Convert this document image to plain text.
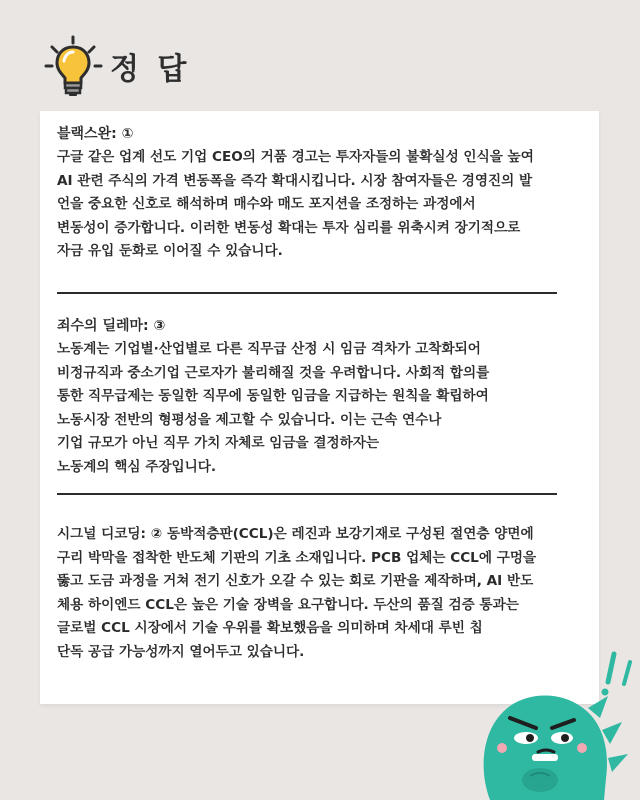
정 답

블랙스완: ①

구글 같은 업계 선도 기업 CEO의 거품 경고는 투자자들의 불확실성 인식을 높여
AI 관련 주식의 가격 변동폭을 즉각 확대시킵니다. 시장 참여자들은 경영진의 발
언을 중요한 신호로 해석하며 매수와 매도 포지션을 조정하는 과정에서
변동성이 증가합니다. 이러한 변동성 확대는 투자 심리를 위축시켜 장기적으로
자금 유입 둔화로 이어질 수 있습니다.

죄수의 딜레마: ③

노동계는 기업별·산업별로 다른 직무급 산정 시 임금 격차가 고착화되어
비정규직과 중소기업 근로자가 불리해질 것을 우려합니다. 사회적 합의를
통한 직무급제는 동일한 직무에 동일한 임금을 지급하는 원칙을 확립하여
노동시장 전반의 형평성을 제고할 수 있습니다. 이는 근속 연수나
기업 규모가 아닌 직무 가치 자체로 임금을 결정하자는
노동계의 핵심 주장입니다.

시그널 디코딩: ② 동박적층판(CCL)은 레진과 보강기재로 구성된 절연층 양면에
구리 박막을 접착한 반도체 기판의 기초 소재입니다. PCB 업체는 CCL에 구멍을
뚫고 도금 과정을 거쳐 전기 신호가 오갈 수 있는 회로 기판을 제작하며, AI 반도
체용 하이엔드 CCL은 높은 기술 장벽을 요구합니다. 두산의 품질 검증 통과는
글로벌 CCL 시장에서 기술 우위를 확보했음을 의미하며 차세대 루빈 칩
단독 공급 가능성까지 열어두고 있습니다.
